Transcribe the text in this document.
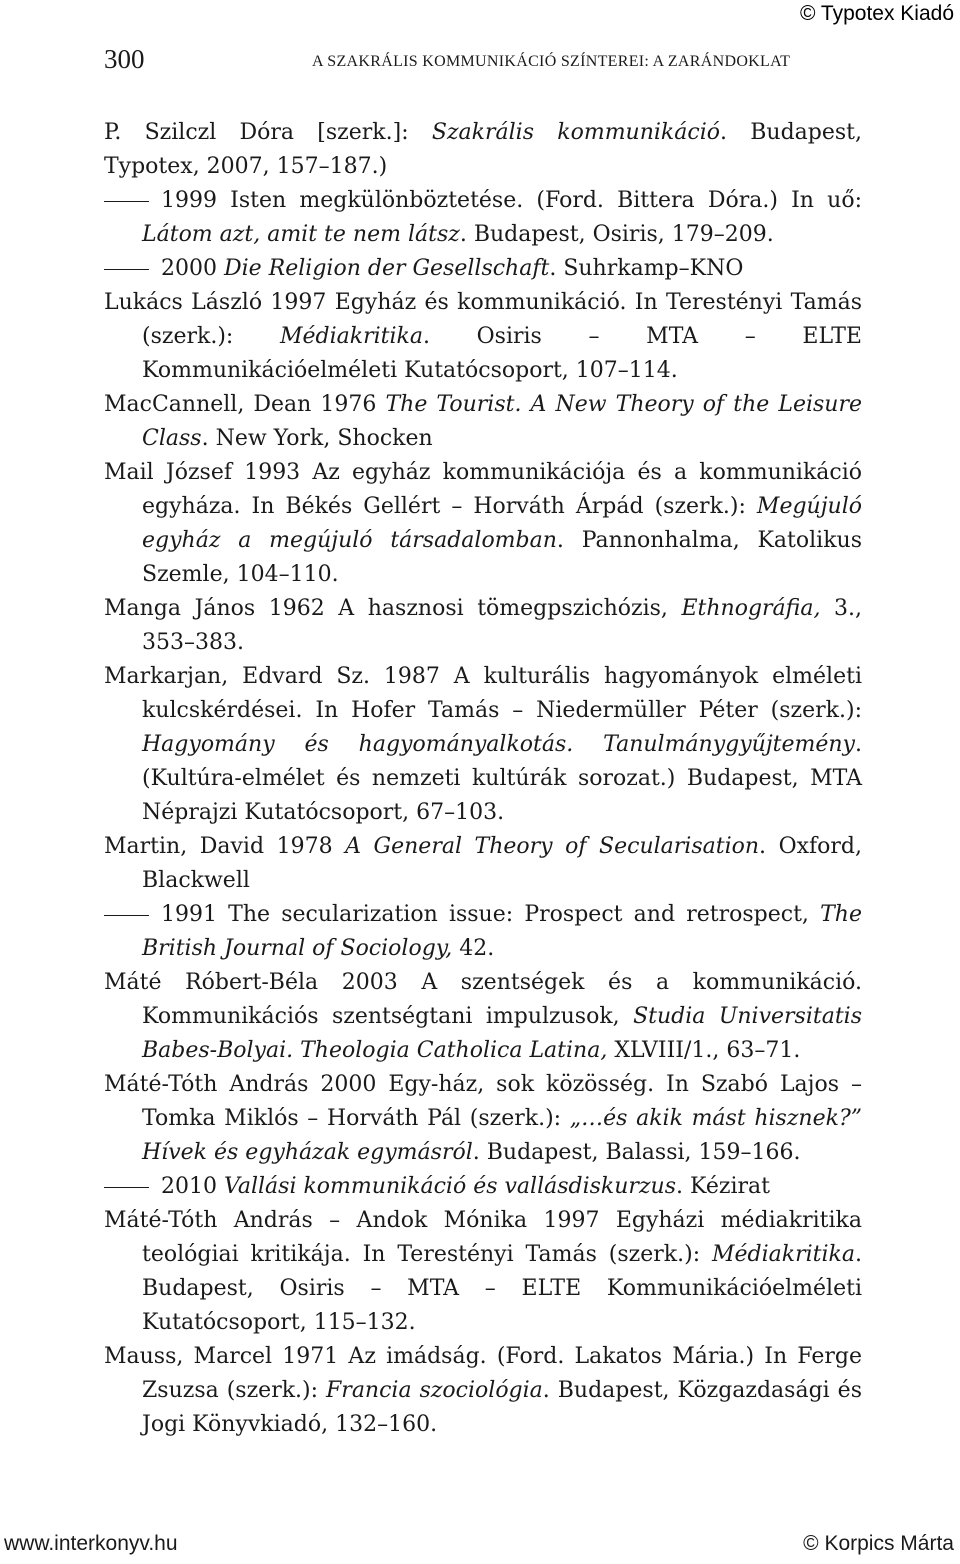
© Typotex Kiadó
300	A SZAKRÁLIS KOMMUNIKÁCIÓ SZÍNTEREI: A ZARÁNDOKLAT

P. Szilczl Dóra [szerk.]: Szakrális kommunikáció. Budapest, Typotex, 2007, 157–187.)

1999 Isten megkülönböztetése. (Ford. Bittera Dóra.) In uő: Látom azt, amit te nem látsz. Budapest, Osiris, 179–209.

2000 Die Religion der Gesellschaft. Suhrkamp–KNO

Lukács László 1997 Egyház és kommunikáció. In Terestényi Tamás (szerk.): Médiakritika. Osiris – MTA – ELTE Kommunikációelméleti Kutatócsoport, 107–114.

MacCannell, Dean 1976 The Tourist. A New Theory of the Leisure Class. New York, Shocken

Mail József 1993 Az egyház kommunikációja és a kommunikáció egyháza. In Békés Gellért – Horváth Árpád (szerk.): Megújuló egyház a megújuló társadalomban. Pannonhalma, Katolikus Szemle, 104–110.

Manga János 1962 A hasznosi tömegpszichózis, Ethnográfia, 3., 353–383.

Markarjan, Edvard Sz. 1987 A kulturális hagyományok elméleti kulcskérdései. In Hofer Tamás – Niedermüller Péter (szerk.): Hagyomány és hagyományalkotás. Tanulmánygyűjtemény. (Kultúra-elmélet és nemzeti kultúrák sorozat.) Budapest, MTA Néprajzi Kutatócsoport, 67–103.

Martin, David 1978 A General Theory of Secularisation. Oxford, Blackwell

1991 The secularization issue: Prospect and retrospect, The British Journal of Sociology, 42.

Máté Róbert-Béla 2003 A szentségek és a kommunikáció. Kommunikációs szentségtani impulzusok, Studia Universitatis Babes-Bolyai. Theologia Catholica Latina, XLVIII/1., 63–71.

Máté-Tóth András 2000 Egy-ház, sok közösség. In Szabó Lajos – Tomka Miklós – Horváth Pál (szerk.): „…és akik mást hisznek?” Hívek és egyházak egymásról. Budapest, Balassi, 159–166.

2010 Vallási kommunikáció és vallásdiskurzus. Kézirat

Máté-Tóth András – Andok Mónika 1997 Egyházi médiakritika teológiai kritikája. In Terestényi Tamás (szerk.): Médiakritika. Budapest, Osiris – MTA – ELTE Kommunikációelméleti Kutatócsoport, 115–132.

Mauss, Marcel 1971 Az imádság. (Ford. Lakatos Mária.) In Ferge Zsuzsa (szerk.): Francia szociológia. Budapest, Közgazdasági és Jogi Könyvkiadó, 132–160.

www.interkonyv.hu	© Korpics Márta
